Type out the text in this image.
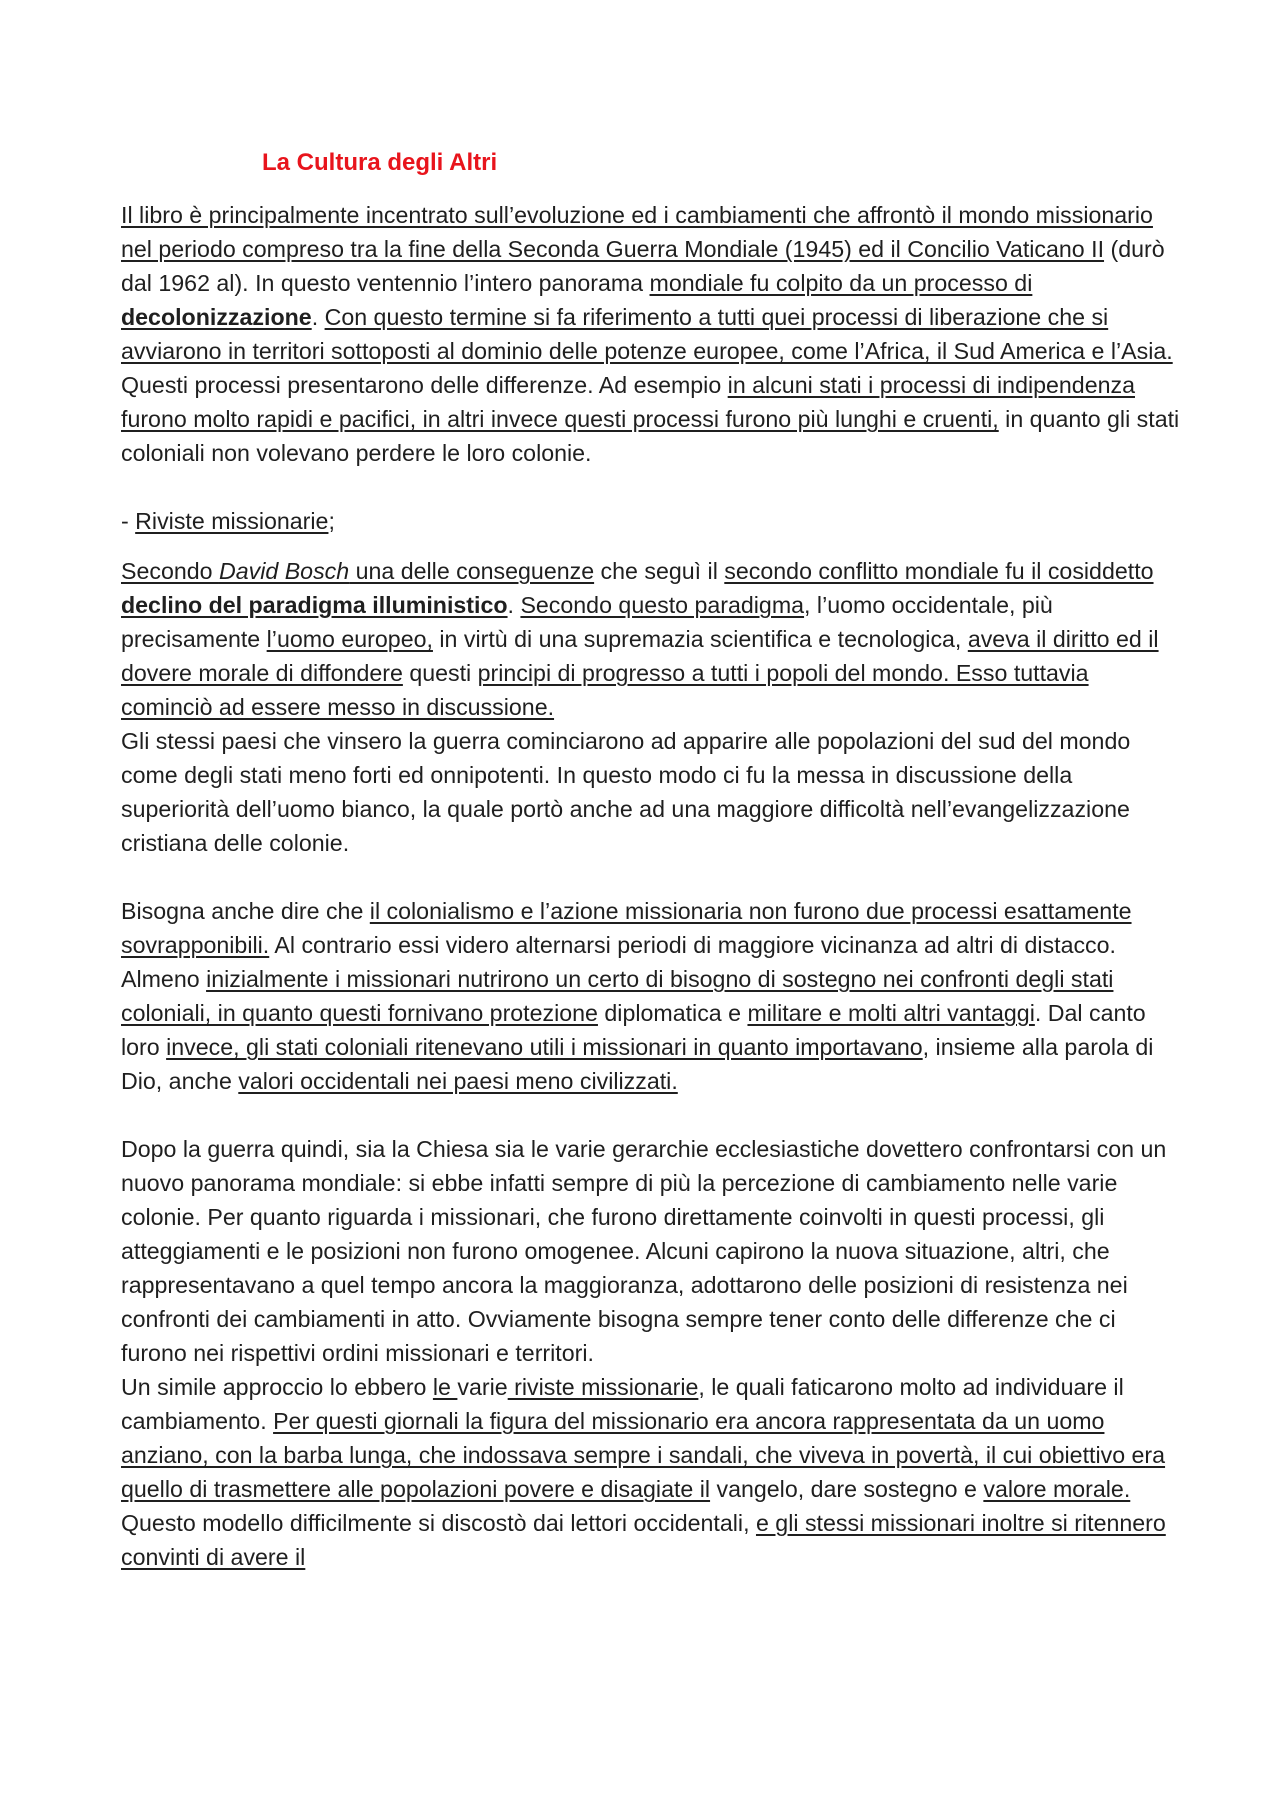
La Cultura degli Altri

Il libro è principalmente incentrato sull’evoluzione ed i cambiamenti che affrontò il mondo missionario nel periodo compreso tra la fine della Seconda Guerra Mondiale (1945) ed il Concilio Vaticano II (durò dal 1962 al). In questo ventennio l’intero panorama mondiale fu colpito da un processo di decolonizzazione. Con questo termine si fa riferimento a tutti quei processi di liberazione che si avviarono in territori sottoposti al dominio delle potenze europee, come l’Africa, il Sud America e l’Asia. Questi processi presentarono delle differenze. Ad esempio in alcuni stati i processi di indipendenza furono molto rapidi e pacifici, in altri invece questi processi furono più lunghi e cruenti, in quanto gli stati coloniali non volevano perdere le loro colonie.

- Riviste missionarie;

Secondo David Bosch una delle conseguenze che seguì il secondo conflitto mondiale fu il cosiddetto declino del paradigma illuministico. Secondo questo paradigma, l’uomo occidentale, più precisamente l’uomo europeo, in virtù di una supremazia scientifica e tecnologica, aveva il diritto ed il dovere morale di diffondere questi principi di progresso a tutti i popoli del mondo. Esso tuttavia cominciò ad essere messo in discussione.
Gli stessi paesi che vinsero la guerra cominciarono ad apparire alle popolazioni del sud del mondo come degli stati meno forti ed onnipotenti. In questo modo ci fu la messa in discussione della superiorità dell’uomo bianco, la quale portò anche ad una maggiore difficoltà nell’evangelizzazione cristiana delle colonie.

Bisogna anche dire che il colonialismo e l’azione missionaria non furono due processi esattamente sovrapponibili. Al contrario essi videro alternarsi periodi di maggiore vicinanza ad altri di distacco. Almeno inizialmente i missionari nutrirono un certo di bisogno di sostegno nei confronti degli stati coloniali, in quanto questi fornivano protezione diplomatica e militare e molti altri vantaggi. Dal canto loro invece, gli stati coloniali ritenevano utili i missionari in quanto importavano, insieme alla parola di Dio, anche valori occidentali nei paesi meno civilizzati.

Dopo la guerra quindi, sia la Chiesa sia le varie gerarchie ecclesiastiche dovettero confrontarsi con un nuovo panorama mondiale: si ebbe infatti sempre di più la percezione di cambiamento nelle varie colonie. Per quanto riguarda i missionari, che furono direttamente coinvolti in questi processi, gli atteggiamenti e le posizioni non furono omogenee. Alcuni capirono la nuova situazione, altri, che rappresentavano a quel tempo ancora la maggioranza, adottarono delle posizioni di resistenza nei confronti dei cambiamenti in atto. Ovviamente bisogna sempre tener conto delle differenze che ci furono nei rispettivi ordini missionari e territori.

Un simile approccio lo ebbero le varie riviste missionarie, le quali faticarono molto ad individuare il cambiamento. Per questi giornali la figura del missionario era ancora rappresentata da un uomo anziano, con la barba lunga, che indossava sempre i sandali, che viveva in povertà, il cui obiettivo era quello di trasmettere alle popolazioni povere e disagiate il vangelo, dare sostegno e valore morale. Questo modello difficilmente si discostò dai lettori occidentali, e gli stessi missionari inoltre si ritennero convinti di avere il
